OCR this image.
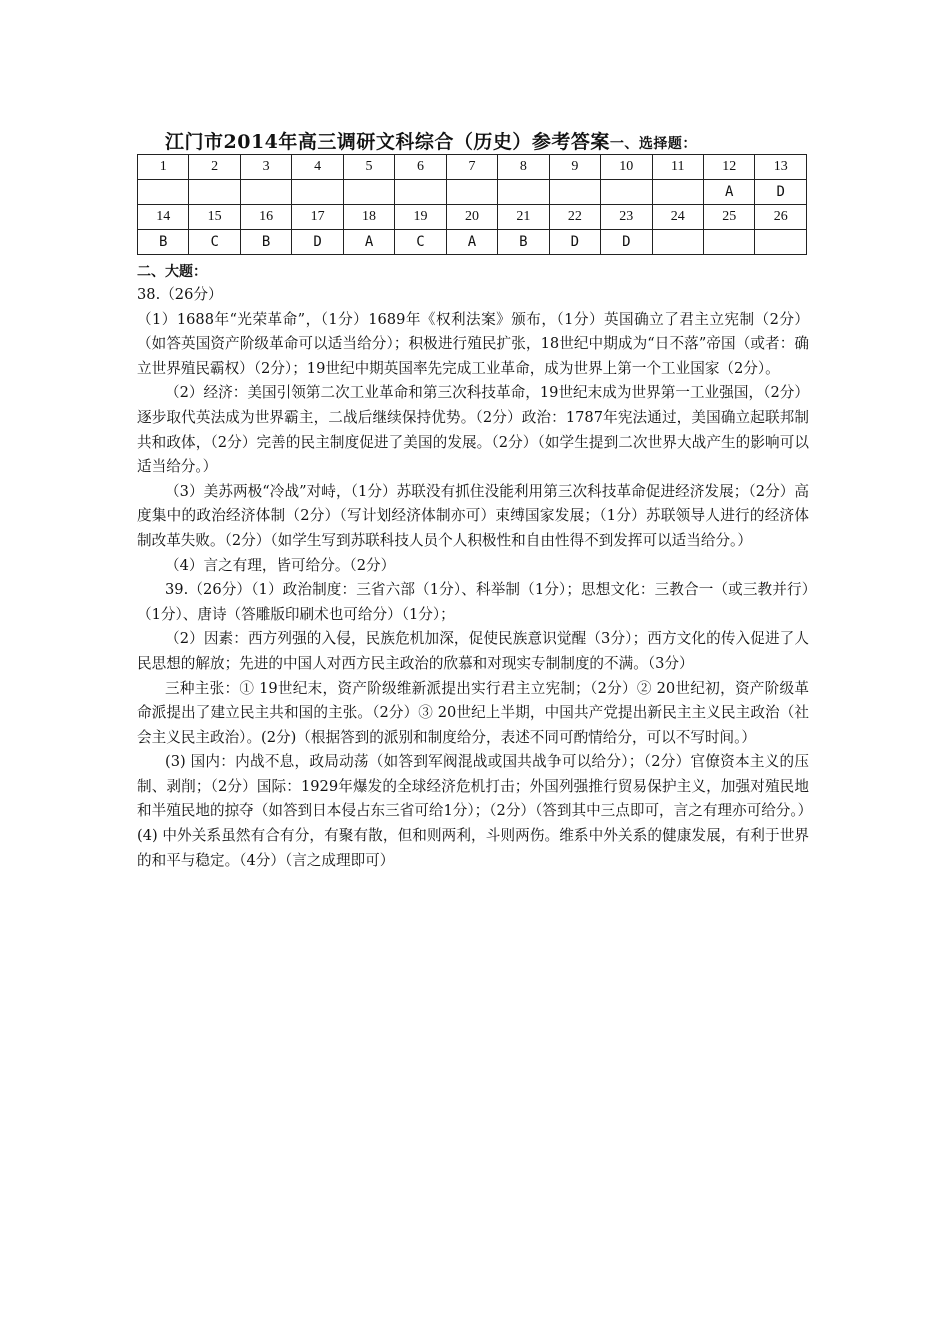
江门市2014年高三调研文科综合（历史）参考答案一、选择题：
1	2	3	4	5	6	7	8	9	10	11	12	13
											A	D
14	15	16	17	18	19	20	21	22	23	24	25	26
B	C	B	D	A	C	A	B	D	D			
二、大题：

38.（26分）

（1）1688年“光荣革命”，（1分）1689年《权利法案》颁布，（1分）英国确立了君主立宪制（2分）（如答英国资产阶级革命可以适当给分）；积极进行殖民扩张，18世纪中期成为“日不落”帝国（或者：确立世界殖民霸权）（2分）；19世纪中期英国率先完成工业革命，成为世界上第一个工业国家（2分）。

（2）经济：美国引领第二次工业革命和第三次科技革命，19世纪末成为世界第一工业强国，（2分）逐步取代英法成为世界霸主，二战后继续保持优势。（2分）政治：1787年宪法通过，美国确立起联邦制共和政体，（2分）完善的民主制度促进了美国的发展。（2分）（如学生提到二次世界大战产生的影响可以适当给分。）

（3）美苏两极“冷战”对峙，（1分）苏联没有抓住没能利用第三次科技革命促进经济发展；（2分）高度集中的政治经济体制（2分）（写计划经济体制亦可）束缚国家发展；（1分）苏联领导人进行的经济体制改革失败。（2分）（如学生写到苏联科技人员个人积极性和自由性得不到发挥可以适当给分。）

（4）言之有理，皆可给分。（2分）

39.（26分）（1）政治制度：三省六部（1分）、科举制（1分）；思想文化：三教合一（或三教并行）（1分）、唐诗（答雕版印刷术也可给分）（1分）；

（2）因素：西方列强的入侵，民族危机加深，促使民族意识觉醒（3分）；西方文化的传入促进了人民思想的解放；先进的中国人对西方民主政治的欣慕和对现实专制制度的不满。（3分）

三种主张：① 19世纪末，资产阶级维新派提出实行君主立宪制；（2分）② 20世纪初，资产阶级革命派提出了建立民主共和国的主张。（2分）③ 20世纪上半期，中国共产党提出新民主主义民主政治（社会主义民主政治）。(2分)（根据答到的派别和制度给分，表述不同可酌情给分，可以不写时间。）

(3) 国内：内战不息，政局动荡（如答到军阀混战或国共战争可以给分）；（2分）官僚资本主义的压制、剥削；（2分）国际：1929年爆发的全球经济危机打击；外国列强推行贸易保护主义，加强对殖民地和半殖民地的掠夺（如答到日本侵占东三省可给1分）；（2分）（答到其中三点即可，言之有理亦可给分。）

(4) 中外关系虽然有合有分，有聚有散，但和则两利，斗则两伤。维系中外关系的健康发展，有利于世界的和平与稳定。（4分）（言之成理即可）
